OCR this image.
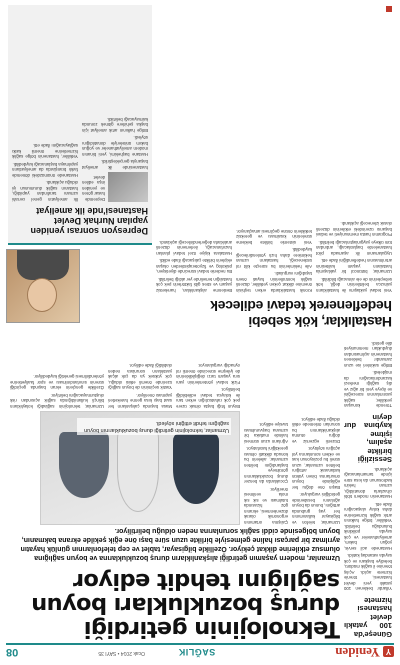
Y
Yeniden
SAĞLIK
08	Ocak 2014 • SAYI 35
Teknolojinin getirdiği
duruş bozuklukları boyun
sağlığını tehdit ediyor
Uzmanlar, modern yaşamın getirdiği alışkanlıkların duruş bozukluklarına ve boyun sağlığına olumsuz etkilerine dikkat çekiyor. Özellikle bilgisayar, tablet ve cep telefonlarının günlük hayatın ayrılmaz bir parçası haline gelmesiyle birlikte uzun süre başı öne eğik şekilde ekrana bakmanın, boyun bölgesinde ciddi sağlık sorunlarına neden olduğu belirtiliyor.
Güneşe'da 100 yataklı devlet hastanesi hizmete

Yıllardır beklenen 100 yataklı yeni devlet hastanesi, törenle hizmete açıldı. Açılış törenine il sağlık müdürü, belediye başkanı ve çok sayıda vatandaş katıldı.

Hastanede acil servis, yoğun bakım, ameliyathaneler ve çok sayıda poliklinik bulunduğu belirtildi. Yetkililer, bölge halkının artık sağlık hizmetlerine daha kolay ulaşacağını ifade etti.

Hastanenin modern tıbbi cihazlarla donatıldığı, uzman hekim kadrosunun da kısa süre içinde tamamlanacağı açıklandı.

Sessizliği birlikte aşalım, işitme kaybına dur deyin

Törende konuşan yetkililer, sağlık yatırımlarının süreceğini ve ilçeye yeni bir ağız ve diş sağlığı merkezi kazandırılacağını da müjdeledi.

Bölge sakinleri ise uzun zamandır beklenen hastanenin açılmasından duydukları memnuniyeti dile getirdi.

Uzmanlar, teknolojinin getirdiği duruş bozukluklarının boyun sağlığını tehdit ettiğini söyledi.

Uzmanlar, telefon ve bilgisayar kullanımının her yaş grubunda arttığını, bunun da boyun ağrılarını beraberinde getirdiğini vurguluyor.

Başın öne doğru her eğilişinde boyun omurlarına binen yükün katlanarak arttığını belirten uzmanlar, uzun süreli bu pozisyonun kas ve eklem sorunlarına yol açtığını söylüyor.

Düzenli egzersiz ve doğru oturma alışkanlıklarının bu sorunları önlemede etkili olduğu ifade ediliyor.

Çalışma ortamının ergonomik olarak düzenlenmesi, ekranın göz hizasında tutulması ve sık sık mola verilmesi öneriliyor.

Çocuklarda da benzer duruş bozukluklarının görülmeye başlandığını belirten uzmanlar, ailelerin bu konuda dikkatli olması gerektiğini hatırlatıyor.

Ağrıların uzun sürmesi halinde mutlaka bir uzmana başvurulması tavsiye ediliyor.

Boyun fıtığı başta olmak üzere pek çok rahatsızlığın erken tanı ile kolayca tedavi edilebildiği belirtiliyor.

Fizik tedavi yöntemlerinin yanı sıra yaşam tarzı değişikliklerinin de iyileşme sürecinde önemli rol oynadığı vurgulanıyor.

Masa başında çalışanların her saat başı kısa germe hareketleri yapması öneriliyor.

Yastık seçiminin de boyun sağlığı üzerinde önemli etkisi olduğu, çok yüksek ya da çok alçak yastıkların sorunlara neden olabildiği ifade ediliyor.

Uzmanlar, teknolojinin sağladığı kolaylıkların bilinçli kullanıldığında sağlık açısından risk oluşturmayacağını belirtiyor.

Özellikle gençlerin ekran başında geçirdiği sürenin sınırlandırılması ve spor faaliyetlerine yönlendirilmesi gerektiği kaydediliyor.

Hastalıklar, kök sebebi
hedeflenerek tedavi edilecek

Yeni tedavi yaklaşımı ile hastalıkların yalnızca belirtilerinin değil, kök sebeplerinin de ele alınacağı bildirildi.

Uzmanlar, bütüncül bir yaklaşımla hastaların yaşam kalitesinin artırılmasının hedeflendiğini ifade etti.

Uygulamanın ilk aşamada pilot hastanelerde başlatılacağı, ardından tüm ülkeye yaygınlaştırılacağı belirtildi.

Programın hasta memnuniyeti ve tedavi başarısı üzerindeki etkilerinin düzenli olarak izleneceği açıklandı.

Kronik hastalıklarda erken teşhisin önemine dikkat çeken yetkililer, düzenli sağlık kontrollerinin hayati önem taşıdığını vurguladı.

Aile hekimlerinin bu süreçte kilit rol üstleneceği, hastaların uzman hekimlere daha hızlı yönlendirileceği kaydedildi.

Yeni sistemle birlikte bekleme sürelerinin kısalması ve gereksiz tetkiklerin önüne geçilmesi amaçlanıyor.

Beslenme alışkanlıkları, hareketsiz yaşam ve stres gibi faktörlerin pek çok hastalığın temelinde yer aldığı belirtildi.

Bu nedenle tedavi sürecinde diyetisyen, psikolog ve fizyoterapistlerden oluşan ekiplerin birlikte çalışacağı ifade edildi.

Hastalara kişiye özel tedavi planları hazırlanacağı, ilerlemenin düzenli aralıklarla değerlendirileceği açıklandı.

Depresyon sonrası yeniden yapılan Nurhak Devlet Hastanesi'nde ilk ameliyat

Depremde hasar gören ve yeniden inşa edilen devlet hastanesinde ilk ameliyat başarıyla gerçekleştirildi.

Hastane başhekimi, yeni binanın modern ameliyathaneler ve yoğun bakım üniteleriyle donatıldığını söyledi.

Bölge halkının artık ameliyat için başka şehirlere gitmek zorunda kalmayacağı belirtildi.

İlk ameliyatın genel cerrahi uzmanı tarafından yapıldığı, hastanın sağlık durumunun iyi olduğu açıklandı.

Hastanede önümüzdeki dönemde farklı branşlarda da ameliyatların yapılmaya başlanacağı kaydedildi.

Yetkililer, hastanenin bölge sağlık hizmetlerine önemli katkı sağlayacağını ifade etti.
